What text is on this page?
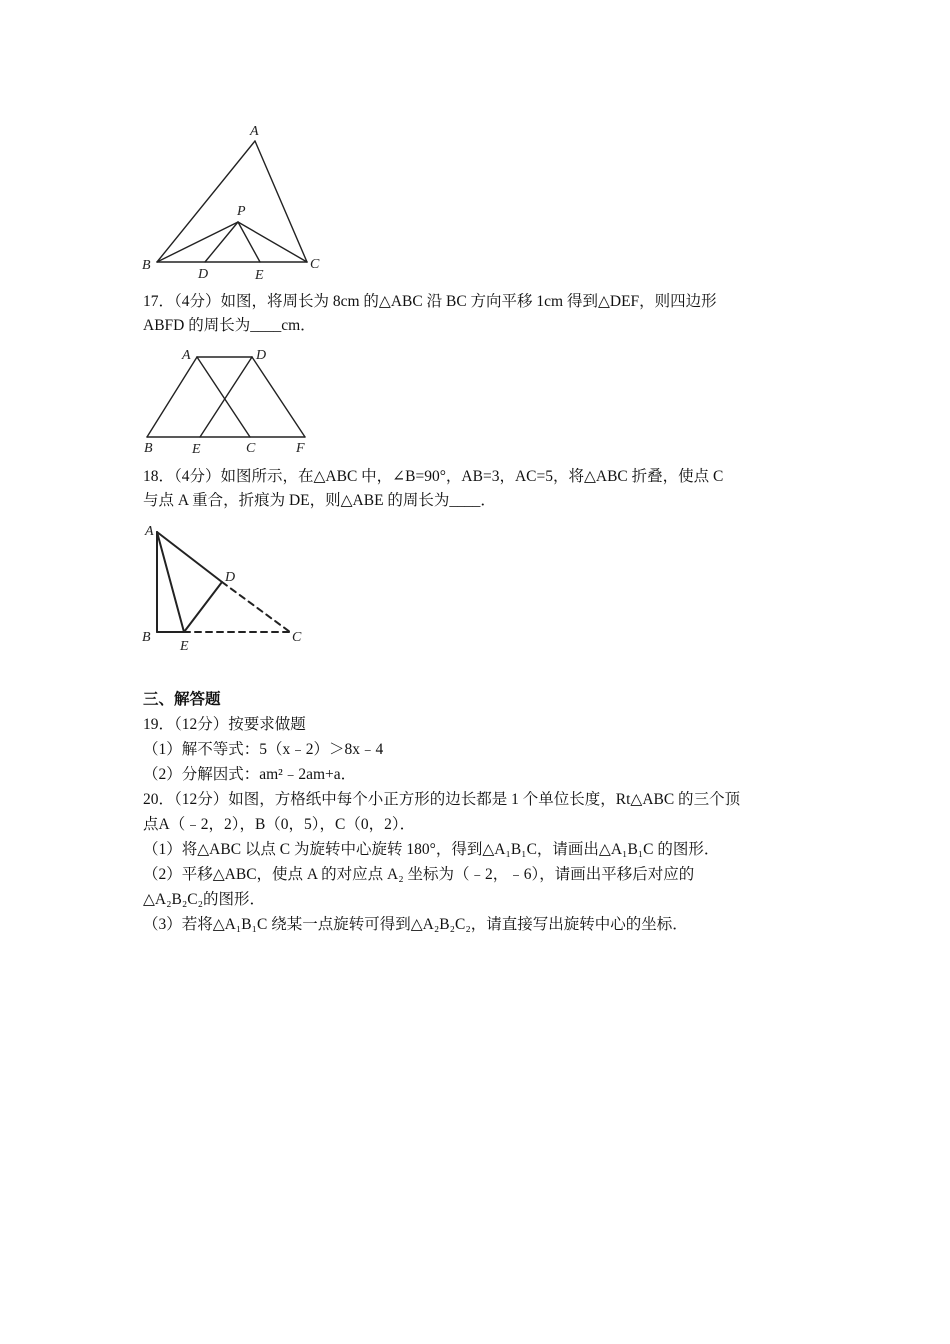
A
P
B
D	E
C
17．（4分）如图，将周长为 8cm 的△ABC 沿 BC 方向平移 1cm 得到△DEF，则四边形
ABFD 的周长为____cm．
A	D
B	E	C	F
18．（4分）如图所示，在△ABC 中，∠B=90°，AB=3，AC=5，将△ABC 折叠，使点 C
与点 A 重合，折痕为 DE，则△ABE 的周长为____．
A
D
B
E
C
三、解答题
19．（12分）按要求做题
（1）解不等式：5（x﹣2）＞8x﹣4
（2）分解因式：am²﹣2am+a．
20．（12分）如图，方格纸中每个小正方形的边长都是 1 个单位长度，Rt△ABC 的三个顶
点A（﹣2，2），B（0，5），C（0，2）．
（1）将△ABC 以点 C 为旋转中心旋转 180°，得到△A₁B₁C，请画出△A₁B₁C 的图形．
（2）平移△ABC，使点 A 的对应点 A₂ 坐标为（﹣2，﹣6），请画出平移后对应的
△A₂B₂C₂的图形．
（3）若将△A₁B₁C 绕某一点旋转可得到△A₂B₂C₂，请直接写出旋转中心的坐标．
